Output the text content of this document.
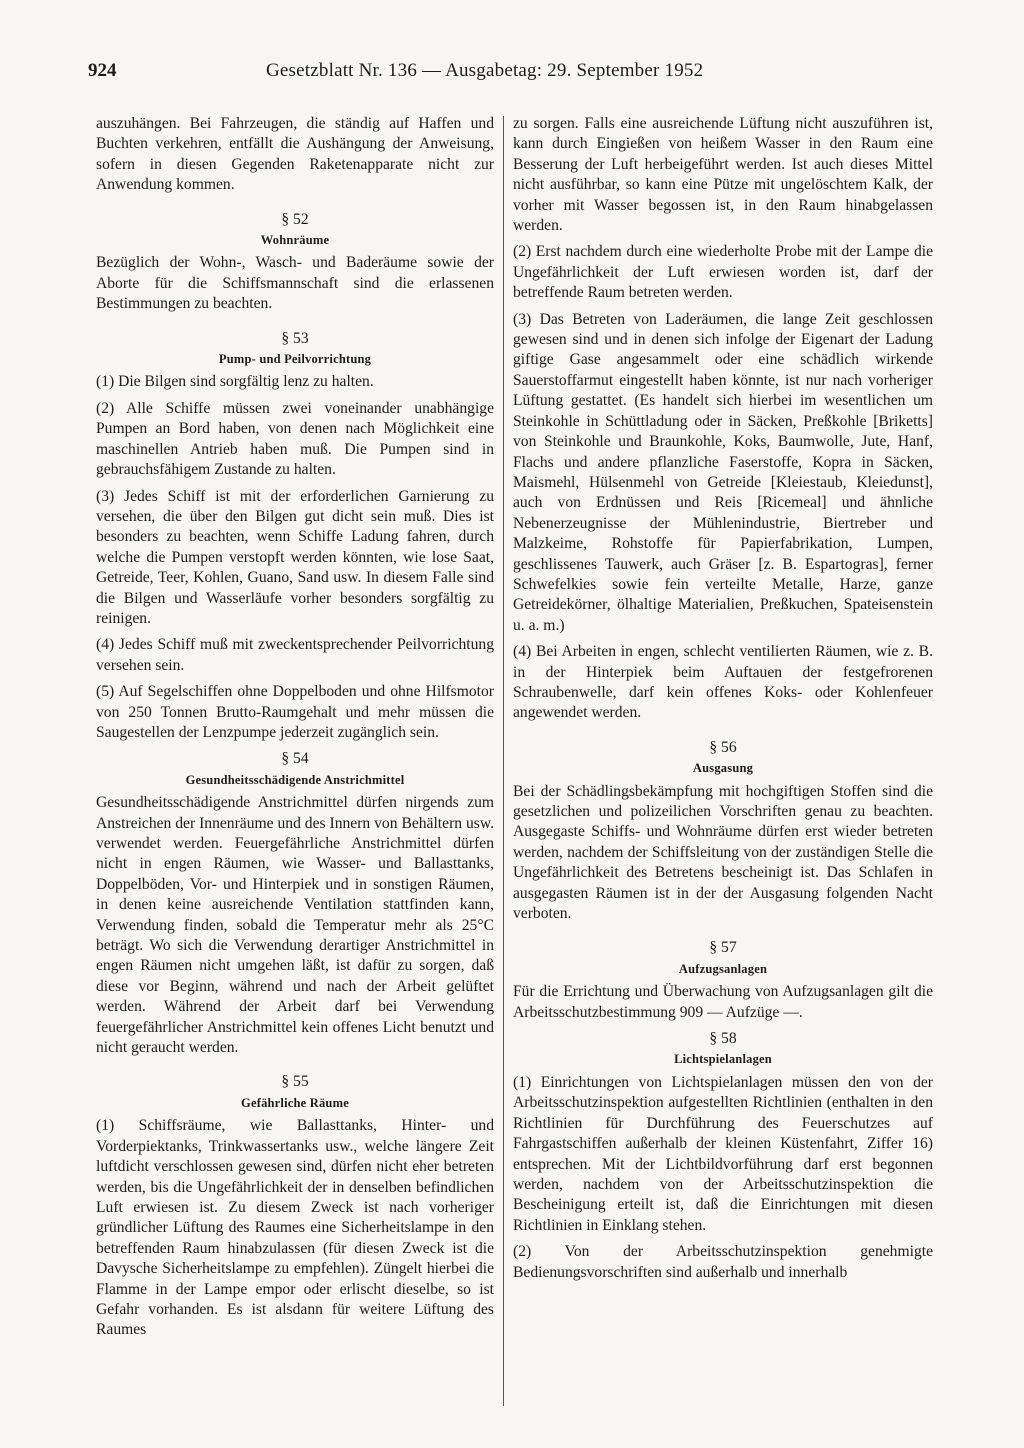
924	Gesetzblatt Nr. 136 — Ausgabetag: 29. September 1952

auszuhängen. Bei Fahrzeugen, die ständig auf Haffen und Buchten verkehren, entfällt die Aushängung der Anweisung, sofern in diesen Gegenden Raketenapparate nicht zur Anwendung kommen.

§ 52
Wohnräume

Bezüglich der Wohn-, Wasch- und Baderäume sowie der Aborte für die Schiffsmannschaft sind die erlassenen Bestimmungen zu beachten.

§ 53
Pump- und Peilvorrichtung

(1) Die Bilgen sind sorgfältig lenz zu halten.

(2) Alle Schiffe müssen zwei voneinander unabhängige Pumpen an Bord haben, von denen nach Möglichkeit eine maschinellen Antrieb haben muß. Die Pumpen sind in gebrauchsfähigem Zustande zu halten.

(3) Jedes Schiff ist mit der erforderlichen Garnierung zu versehen, die über den Bilgen gut dicht sein muß. Dies ist besonders zu beachten, wenn Schiffe Ladung fahren, durch welche die Pumpen verstopft werden könnten, wie lose Saat, Getreide, Teer, Kohlen, Guano, Sand usw. In diesem Falle sind die Bilgen und Wasserläufe vorher besonders sorgfältig zu reinigen.

(4) Jedes Schiff muß mit zweckentsprechender Peilvorrichtung versehen sein.

(5) Auf Segelschiffen ohne Doppelboden und ohne Hilfsmotor von 250 Tonnen Brutto-Raumgehalt und mehr müssen die Saugestellen der Lenzpumpe jederzeit zugänglich sein.

§ 54
Gesundheitsschädigende Anstrichmittel

Gesundheitsschädigende Anstrichmittel dürfen nirgends zum Anstreichen der Innenräume und des Innern von Behältern usw. verwendet werden. Feuergefährliche Anstrichmittel dürfen nicht in engen Räumen, wie Wasser- und Ballasttanks, Doppelböden, Vor- und Hinterpiek und in sonstigen Räumen, in denen keine ausreichende Ventilation stattfinden kann, Verwendung finden, sobald die Temperatur mehr als 25°C beträgt. Wo sich die Verwendung derartiger Anstrichmittel in engen Räumen nicht umgehen läßt, ist dafür zu sorgen, daß diese vor Beginn, während und nach der Arbeit gelüftet werden. Während der Arbeit darf bei Verwendung feuergefährlicher Anstrichmittel kein offenes Licht benutzt und nicht geraucht werden.

§ 55
Gefährliche Räume

(1) Schiffsräume, wie Ballasttanks, Hinter- und Vorderpiektanks, Trinkwassertanks usw., welche längere Zeit luftdicht verschlossen gewesen sind, dürfen nicht eher betreten werden, bis die Ungefährlichkeit der in denselben befindlichen Luft erwiesen ist. Zu diesem Zweck ist nach vorheriger gründlicher Lüftung des Raumes eine Sicherheitslampe in den betreffenden Raum hinabzulassen (für diesen Zweck ist die Davysche Sicherheitslampe zu empfehlen). Züngelt hierbei die Flamme in der Lampe empor oder erlischt dieselbe, so ist Gefahr vorhanden. Es ist alsdann für weitere Lüftung des Raumes

zu sorgen. Falls eine ausreichende Lüftung nicht auszuführen ist, kann durch Eingießen von heißem Wasser in den Raum eine Besserung der Luft herbeigeführt werden. Ist auch dieses Mittel nicht ausführbar, so kann eine Pütze mit ungelöschtem Kalk, der vorher mit Wasser begossen ist, in den Raum hinabgelassen werden.

(2) Erst nachdem durch eine wiederholte Probe mit der Lampe die Ungefährlichkeit der Luft erwiesen worden ist, darf der betreffende Raum betreten werden.

(3) Das Betreten von Laderäumen, die lange Zeit geschlossen gewesen sind und in denen sich infolge der Eigenart der Ladung giftige Gase angesammelt oder eine schädlich wirkende Sauerstoffarmut eingestellt haben könnte, ist nur nach vorheriger Lüftung gestattet. (Es handelt sich hierbei im wesentlichen um Steinkohle in Schüttladung oder in Säcken, Preßkohle [Briketts] von Steinkohle und Braunkohle, Koks, Baumwolle, Jute, Hanf, Flachs und andere pflanzliche Faserstoffe, Kopra in Säcken, Maismehl, Hülsenmehl von Getreide [Kleiestaub, Kleiedunst], auch von Erdnüssen und Reis [Ricemeal] und ähnliche Nebenerzeugnisse der Mühlenindustrie, Biertreber und Malzkeime, Rohstoffe für Papierfabrikation, Lumpen, geschlissenes Tauwerk, auch Gräser [z. B. Espartogras], ferner Schwefelkies sowie fein verteilte Metalle, Harze, ganze Getreidekörner, ölhaltige Materialien, Preßkuchen, Spateisenstein u. a. m.)

(4) Bei Arbeiten in engen, schlecht ventilierten Räumen, wie z. B. in der Hinterpiek beim Auftauen der festgefrorenen Schraubenwelle, darf kein offenes Koks- oder Kohlenfeuer angewendet werden.

§ 56
Ausgasung

Bei der Schädlingsbekämpfung mit hochgiftigen Stoffen sind die gesetzlichen und polizeilichen Vorschriften genau zu beachten. Ausgegaste Schiffs- und Wohnräume dürfen erst wieder betreten werden, nachdem der Schiffsleitung von der zuständigen Stelle die Ungefährlichkeit des Betretens bescheinigt ist. Das Schlafen in ausgegasten Räumen ist in der der Ausgasung folgenden Nacht verboten.

§ 57
Aufzugsanlagen

Für die Errichtung und Überwachung von Aufzugsanlagen gilt die Arbeitsschutzbestimmung 909 — Aufzüge —.

§ 58
Lichtspielanlagen

(1) Einrichtungen von Lichtspielanlagen müssen den von der Arbeitsschutzinspektion aufgestellten Richtlinien (enthalten in den Richtlinien für Durchführung des Feuerschutzes auf Fahrgastschiffen außerhalb der kleinen Küstenfahrt, Ziffer 16) entsprechen. Mit der Lichtbildvorführung darf erst begonnen werden, nachdem von der Arbeitsschutzinspektion die Bescheinigung erteilt ist, daß die Einrichtungen mit diesen Richtlinien in Einklang stehen.

(2) Von der Arbeitsschutzinspektion genehmigte Bedienungsvorschriften sind außerhalb und innerhalb
